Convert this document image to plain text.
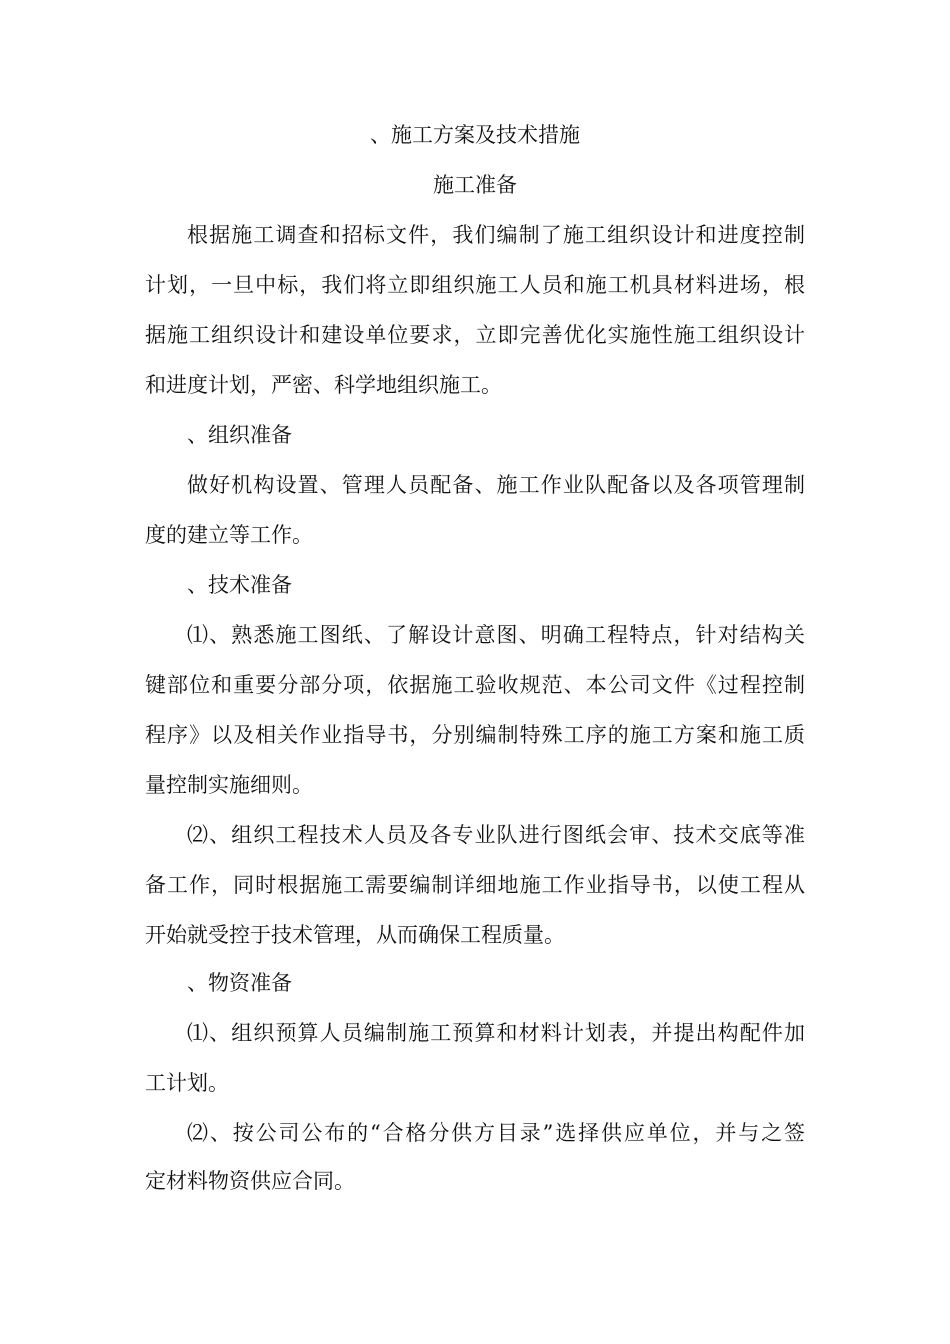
、施工方案及技术措施

施工准备

根据施工调查和招标文件，我们编制了施工组织设计和进度控制

计划，一旦中标，我们将立即组织施工人员和施工机具材料进场，根

据施工组织设计和建设单位要求，立即完善优化实施性施工组织设计

和进度计划，严密、科学地组织施工。

、组织准备

做好机构设置、管理人员配备、施工作业队配备以及各项管理制

度的建立等工作。

、技术准备

⑴、熟悉施工图纸、了解设计意图、明确工程特点，针对结构关

键部位和重要分部分项，依据施工验收规范、本公司文件《过程控制

程序》以及相关作业指导书，分别编制特殊工序的施工方案和施工质

量控制实施细则。

⑵、组织工程技术人员及各专业队进行图纸会审、技术交底等准

备工作，同时根据施工需要编制详细地施工作业指导书，以使工程从

开始就受控于技术管理，从而确保工程质量。

、物资准备

⑴、组织预算人员编制施工预算和材料计划表，并提出构配件加

工计划。

⑵、按公司公布的“合格分供方目录”选择供应单位，并与之签

定材料物资供应合同。
